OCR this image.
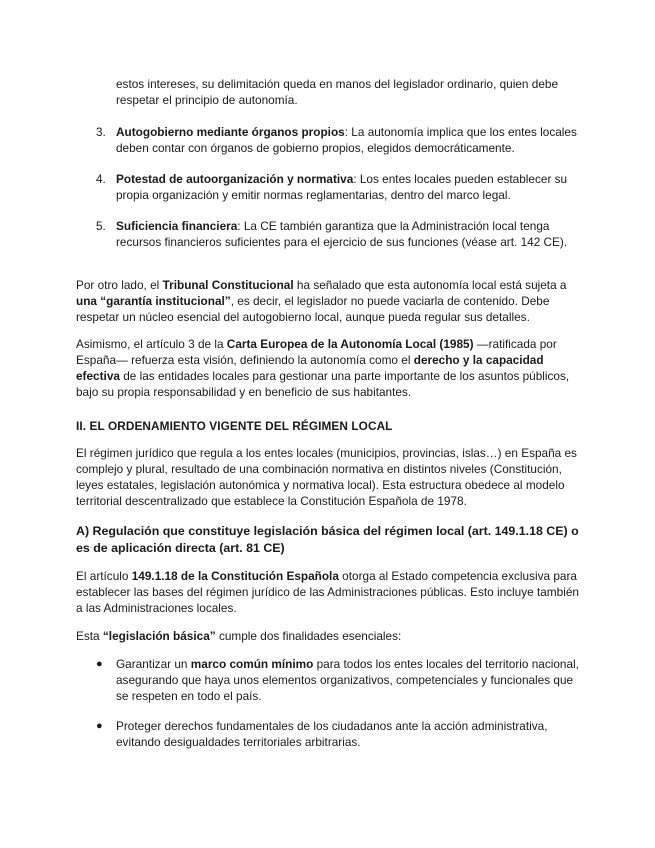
estos intereses, su delimitación queda en manos del legislador ordinario, quien debe respetar el principio de autonomía.

3. Autogobierno mediante órganos propios: La autonomía implica que los entes locales deben contar con órganos de gobierno propios, elegidos democráticamente.

4. Potestad de autoorganización y normativa: Los entes locales pueden establecer su propia organización y emitir normas reglamentarias, dentro del marco legal.

5. Suficiencia financiera: La CE también garantiza que la Administración local tenga recursos financieros suficientes para el ejercicio de sus funciones (véase art. 142 CE).

Por otro lado, el Tribunal Constitucional ha señalado que esta autonomía local está sujeta a una “garantía institucional”, es decir, el legislador no puede vaciarla de contenido. Debe respetar un núcleo esencial del autogobierno local, aunque pueda regular sus detalles.

Asimismo, el artículo 3 de la Carta Europea de la Autonomía Local (1985) —ratificada por España— refuerza esta visión, definiendo la autonomía como el derecho y la capacidad efectiva de las entidades locales para gestionar una parte importante de los asuntos públicos, bajo su propia responsabilidad y en beneficio de sus habitantes.

II. EL ORDENAMIENTO VIGENTE DEL RÉGIMEN LOCAL

El régimen jurídico que regula a los entes locales (municipios, provincias, islas…) en España es complejo y plural, resultado de una combinación normativa en distintos niveles (Constitución, leyes estatales, legislación autonómica y normativa local). Esta estructura obedece al modelo territorial descentralizado que establece la Constitución Española de 1978.

A) Regulación que constituye legislación básica del régimen local (art. 149.1.18 CE) o es de aplicación directa (art. 81 CE)

El artículo 149.1.18 de la Constitución Española otorga al Estado competencia exclusiva para establecer las bases del régimen jurídico de las Administraciones públicas. Esto incluye también a las Administraciones locales.

Esta “legislación básica” cumple dos finalidades esenciales:

● Garantizar un marco común mínimo para todos los entes locales del territorio nacional, asegurando que haya unos elementos organizativos, competenciales y funcionales que se respeten en todo el país.

● Proteger derechos fundamentales de los ciudadanos ante la acción administrativa, evitando desigualdades territoriales arbitrarias.
